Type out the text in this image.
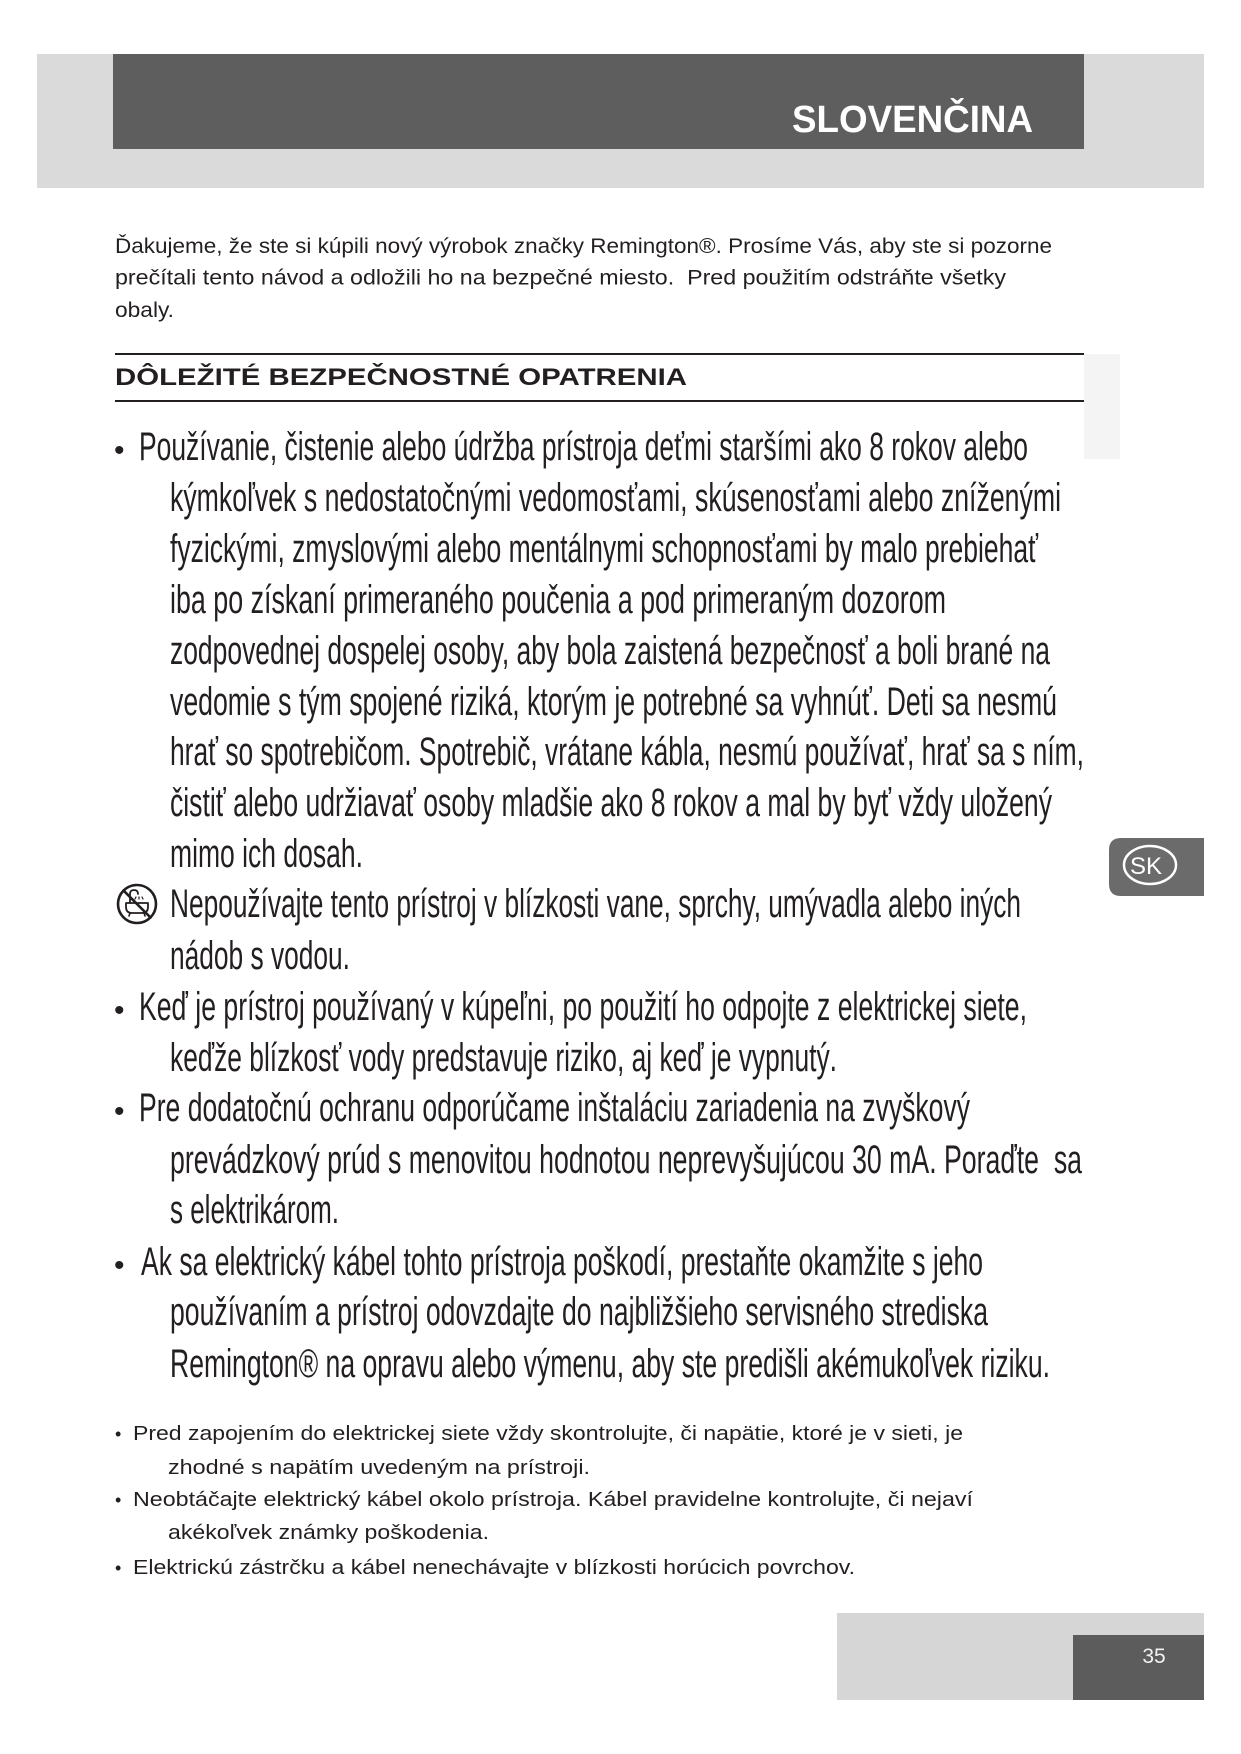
SLOVENČINA
Ďakujeme, že ste si kúpili nový výrobok značky Remington®. Prosíme Vás, aby ste si pozorne
prečítali tento návod a odložili ho na bezpečné miesto.  Pred použitím odstráňte všetky
obaly.
DÔLEŽITÉ BEZPEČNOSTNÉ OPATRENIA
• Používanie, čistenie alebo údržba prístroja deťmi staršími ako 8 rokov alebo
kýmkoľvek s nedostatočnými vedomosťami, skúsenosťami alebo zníženými
fyzickými, zmyslovými alebo mentálnymi schopnosťami by malo prebiehať
iba po získaní primeraného poučenia a pod primeraným dozorom
zodpovednej dospelej osoby, aby bola zaistená bezpečnosť a boli brané na
vedomie s tým spojené riziká, ktorým je potrebné sa vyhnúť. Deti sa nesmú
hrať so spotrebičom. Spotrebič, vrátane kábla, nesmú používať, hrať sa s ním,
čistiť alebo udržiavať osoby mladšie ako 8 rokov a mal by byť vždy uložený
mimo ich dosah.
Nepoužívajte tento prístroj v blízkosti vane, sprchy, umývadla alebo iných
nádob s vodou.
• Keď je prístroj používaný v kúpeľni, po použití ho odpojte z elektrickej siete,
keďže blízkosť vody predstavuje riziko, aj keď je vypnutý.
• Pre dodatočnú ochranu odporúčame inštaláciu zariadenia na zvyškový
prevádzkový prúd s menovitou hodnotou neprevyšujúcou 30 mA. Poraďte  sa
s elektrikárom.
• Ak sa elektrický kábel tohto prístroja poškodí, prestaňte okamžite s jeho
používaním a prístroj odovzdajte do najbližšieho servisného strediska
Remington® na opravu alebo výmenu, aby ste predišli akémukoľvek riziku.
• Pred zapojením do elektrickej siete vždy skontrolujte, či napätie, ktoré je v sieti, je
zhodné s napätím uvedeným na prístroji.
• Neobtáčajte elektrický kábel okolo prístroja. Kábel pravidelne kontrolujte, či nejaví
akékoľvek známky poškodenia.
• Elektrickú zástrčku a kábel nenechávajte v blízkosti horúcich povrchov.
SK
35
